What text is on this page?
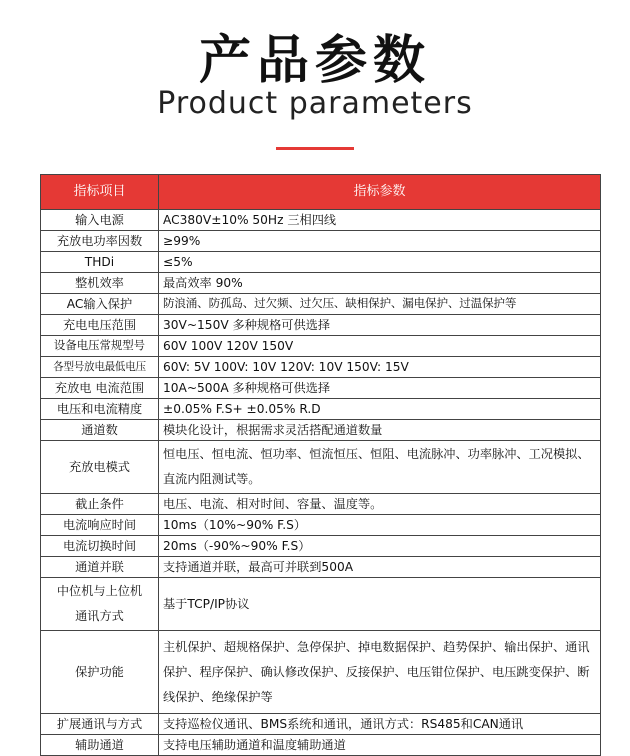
产品参数
Product parameters
指标项目	指标参数
输入电源	AC380V±10% 50Hz 三相四线
充放电功率因数	≥99%
THDi	≤5%
整机效率	最高效率 90%
AC输入保护	防浪涌、防孤岛、过欠频、过欠压、缺相保护、漏电保护、过温保护等
充电电压范围	30V~150V 多种规格可供选择
设备电压常规型号	60V 100V 120V 150V
各型号放电最低电压	60V: 5V 100V: 10V 120V: 10V 150V: 15V
充放电 电流范围	10A~500A 多种规格可供选择
电压和电流精度	±0.05% F.S+ ±0.05% R.D
通道数	模块化设计，根据需求灵活搭配通道数量
充放电模式	恒电压、恒电流、恒功率、恒流恒压、恒阻、电流脉冲、功率脉冲、工况模拟、直流内阻测试等。
截止条件	电压、电流、相对时间、容量、温度等。
电流响应时间	10ms（10%~90% F.S）
电流切换时间	20ms（-90%~90% F.S）
通道并联	支持通道并联，最高可并联到500A
中位机与上位机通讯方式	基于TCP/IP协议
保护功能	主机保护、超规格保护、急停保护、掉电数据保护、趋势保护、输出保护、通讯保护、程序保护、确认修改保护、反接保护、电压钳位保护、电压跳变保护、断线保护、绝缘保护等
扩展通讯与方式	支持巡检仪通讯、BMS系统和通讯，通讯方式：RS485和CAN通讯
辅助通道	支持电压辅助通道和温度辅助通道
